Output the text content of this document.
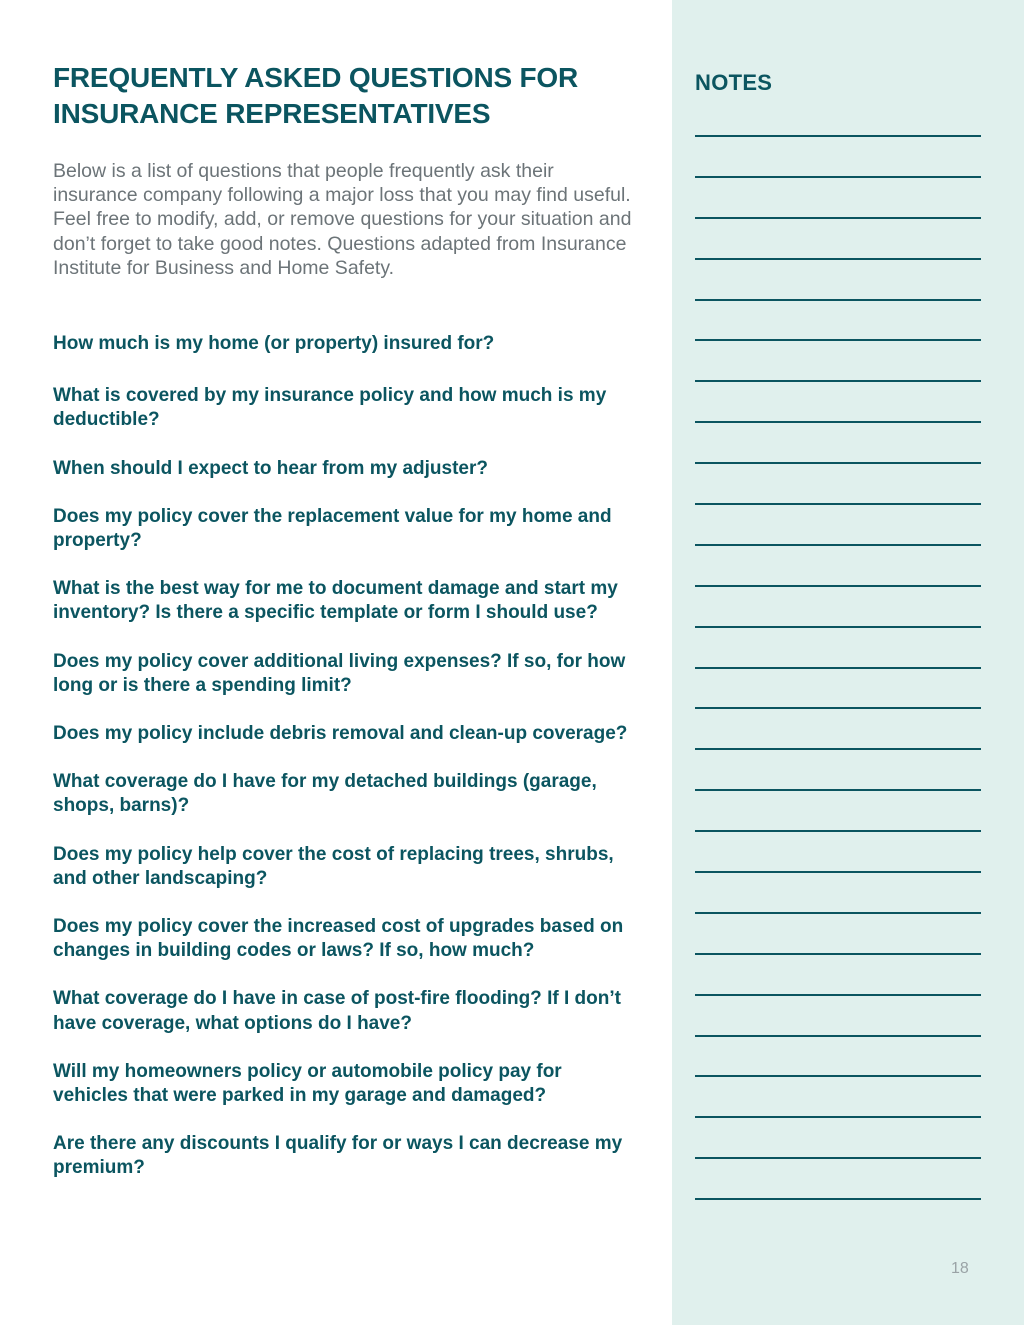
FREQUENTLY ASKED QUESTIONS FOR
INSURANCE REPRESENTATIVES

Below is a list of questions that people frequently ask their insurance company following a major loss that you may find useful. Feel free to modify, add, or remove questions for your situation and don’t forget to take good notes. Questions adapted from Insurance Institute for Business and Home Safety.

How much is my home (or property) insured for?
What is covered by my insurance policy and how much is my deductible?
When should I expect to hear from my adjuster?
Does my policy cover the replacement value for my home and property?
What is the best way for me to document damage and start my inventory? Is there a specific template or form I should use?
Does my policy cover additional living expenses? If so, for how long or is there a spending limit?
Does my policy include debris removal and clean-up coverage?
What coverage do I have for my detached buildings (garage, shops, barns)?
Does my policy help cover the cost of replacing trees, shrubs, and other landscaping?
Does my policy cover the increased cost of upgrades based on changes in building codes or laws? If so, how much?
What coverage do I have in case of post-fire flooding? If I don’t have coverage, what options do I have?
Will my homeowners policy or automobile policy pay for vehicles that were parked in my garage and damaged?
Are there any discounts I qualify for or ways I can decrease my premium?
NOTES
18
